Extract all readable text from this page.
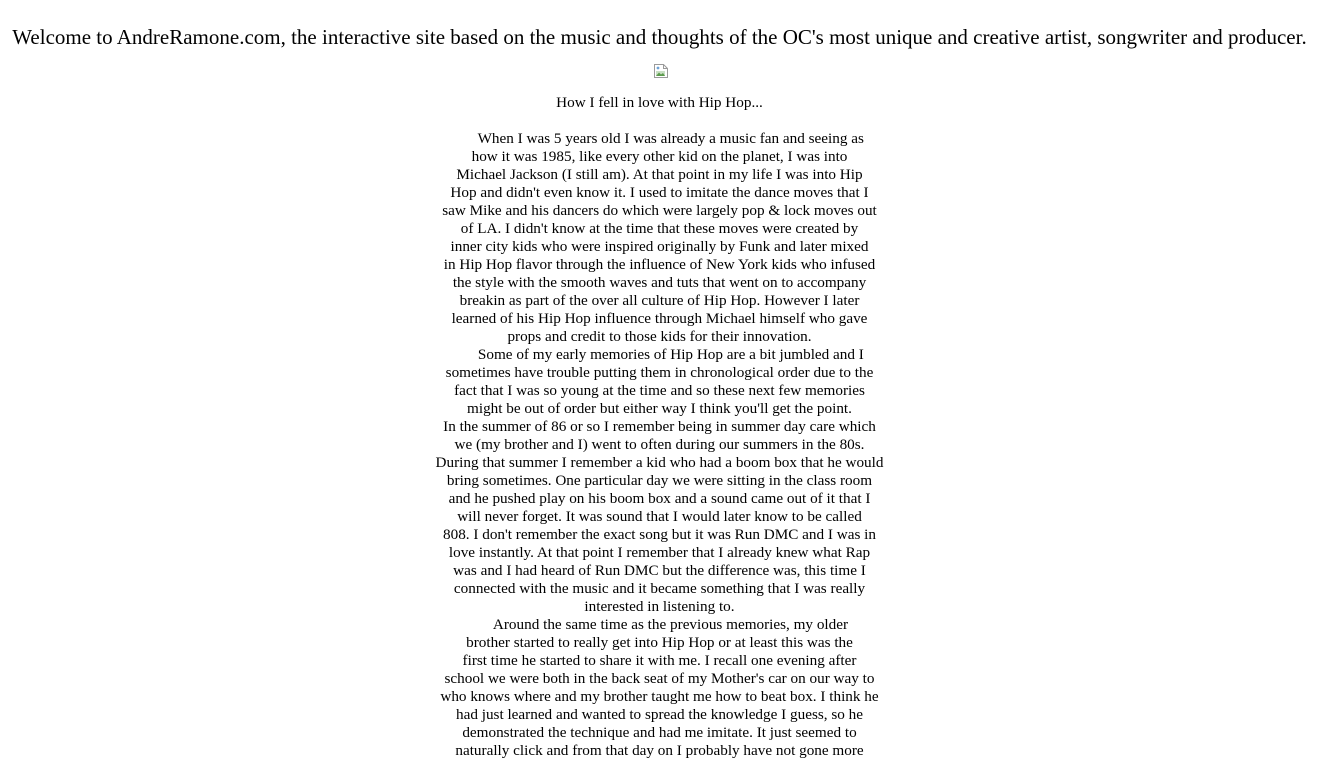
Welcome to AndreRamone.com, the interactive site based on the music and thoughts of the OC's most unique and creative artist, songwriter and producer.
How I fell in love with Hip Hop...
When I was 5 years old I was already a music fan and seeing as
how it was 1985, like every other kid on the planet, I was into
Michael Jackson (I still am). At that point in my life I was into Hip
Hop and didn't even know it. I used to imitate the dance moves that I
saw Mike and his dancers do which were largely pop & lock moves out
of LA. I didn't know at the time that these moves were created by
inner city kids who were inspired originally by Funk and later mixed
in Hip Hop flavor through the influence of New York kids who infused
the style with the smooth waves and tuts that went on to accompany
breakin as part of the over all culture of Hip Hop. However I later
learned of his Hip Hop influence through Michael himself who gave
props and credit to those kids for their innovation.
Some of my early memories of Hip Hop are a bit jumbled and I
sometimes have trouble putting them in chronological order due to the
fact that I was so young at the time and so these next few memories
might be out of order but either way I think you'll get the point.
In the summer of 86 or so I remember being in summer day care which
we (my brother and I) went to often during our summers in the 80s.
During that summer I remember a kid who had a boom box that he would
bring sometimes. One particular day we were sitting in the class room
and he pushed play on his boom box and a sound came out of it that I
will never forget. It was sound that I would later know to be called
808. I don't remember the exact song but it was Run DMC and I was in
love instantly. At that point I remember that I already knew what Rap
was and I had heard of Run DMC but the difference was, this time I
connected with the music and it became something that I was really
interested in listening to.
Around the same time as the previous memories, my older
brother started to really get into Hip Hop or at least this was the
first time he started to share it with me. I recall one evening after
school we were both in the back seat of my Mother's car on our way to
who knows where and my brother taught me how to beat box. I think he
had just learned and wanted to spread the knowledge I guess, so he
demonstrated the technique and had me imitate. It just seemed to
naturally click and from that day on I probably have not gone more
